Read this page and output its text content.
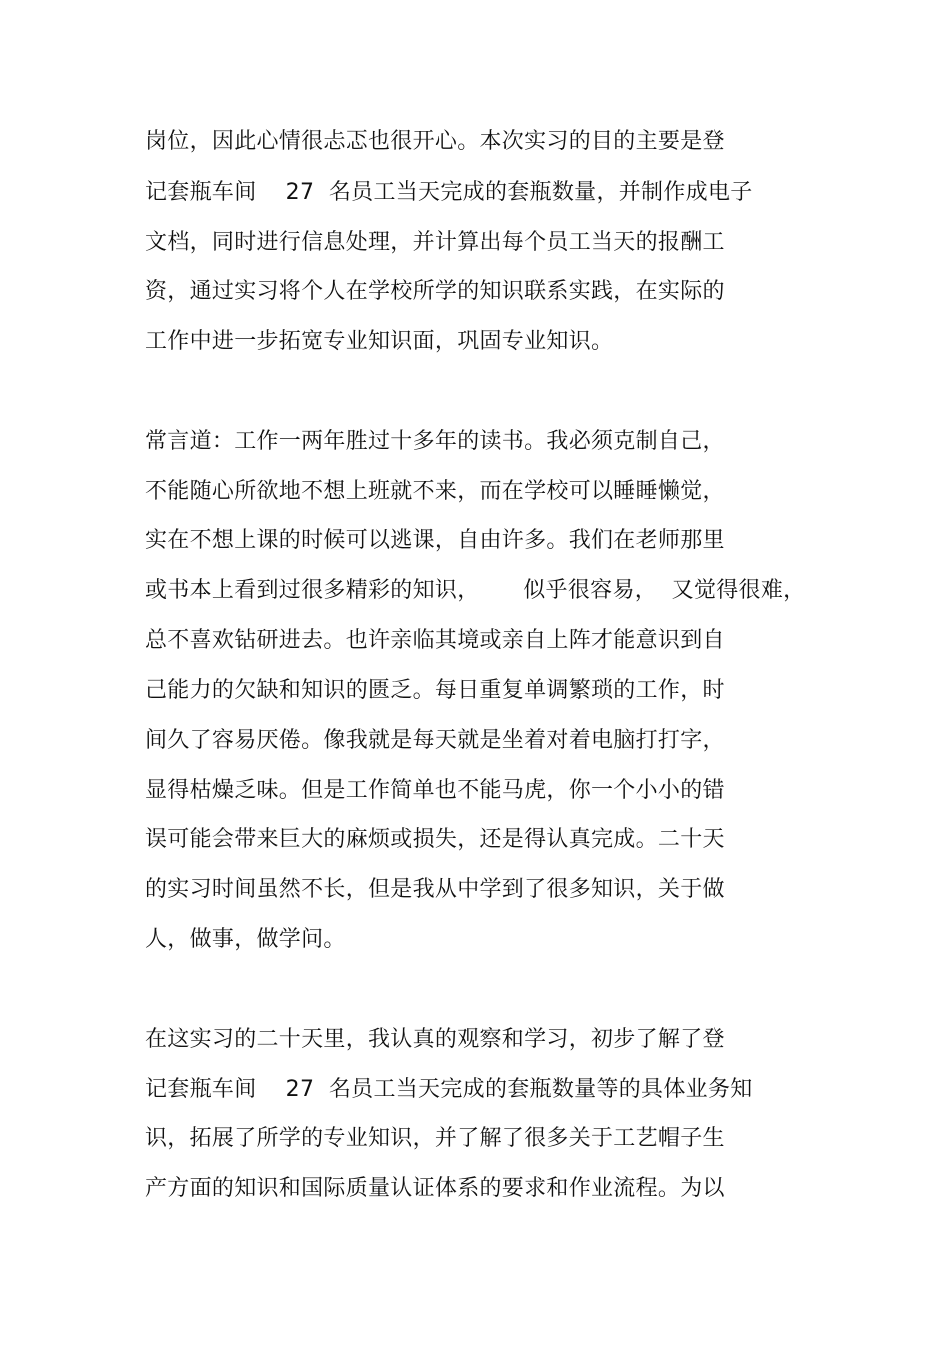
岗位，因此心情很忐忑也很开心。本次实习的目的主要是登
记套瓶车间    27  名员工当天完成的套瓶数量，并制作成电子
文档，同时进行信息处理，并计算出每个员工当天的报酬工
资，通过实习将个人在学校所学的知识联系实践，在实际的
工作中进一步拓宽专业知识面，巩固专业知识。
常言道：工作一两年胜过十多年的读书。我必须克制自己，
不能随心所欲地不想上班就不来，而在学校可以睡睡懒觉，
实在不想上课的时候可以逃课，自由许多。我们在老师那里
或书本上看到过很多精彩的知识，      似乎很容易，  又觉得很难，
总不喜欢钻研进去。也许亲临其境或亲自上阵才能意识到自
己能力的欠缺和知识的匮乏。每日重复单调繁琐的工作，时
间久了容易厌倦。像我就是每天就是坐着对着电脑打打字，
显得枯燥乏味。但是工作简单也不能马虎，你一个小小的错
误可能会带来巨大的麻烦或损失，还是得认真完成。二十天
的实习时间虽然不长，但是我从中学到了很多知识，关于做
人，做事，做学问。
在这实习的二十天里，我认真的观察和学习，初步了解了登
记套瓶车间    27  名员工当天完成的套瓶数量等的具体业务知
识，拓展了所学的专业知识，并了解了很多关于工艺帽子生
产方面的知识和国际质量认证体系的要求和作业流程。为以
